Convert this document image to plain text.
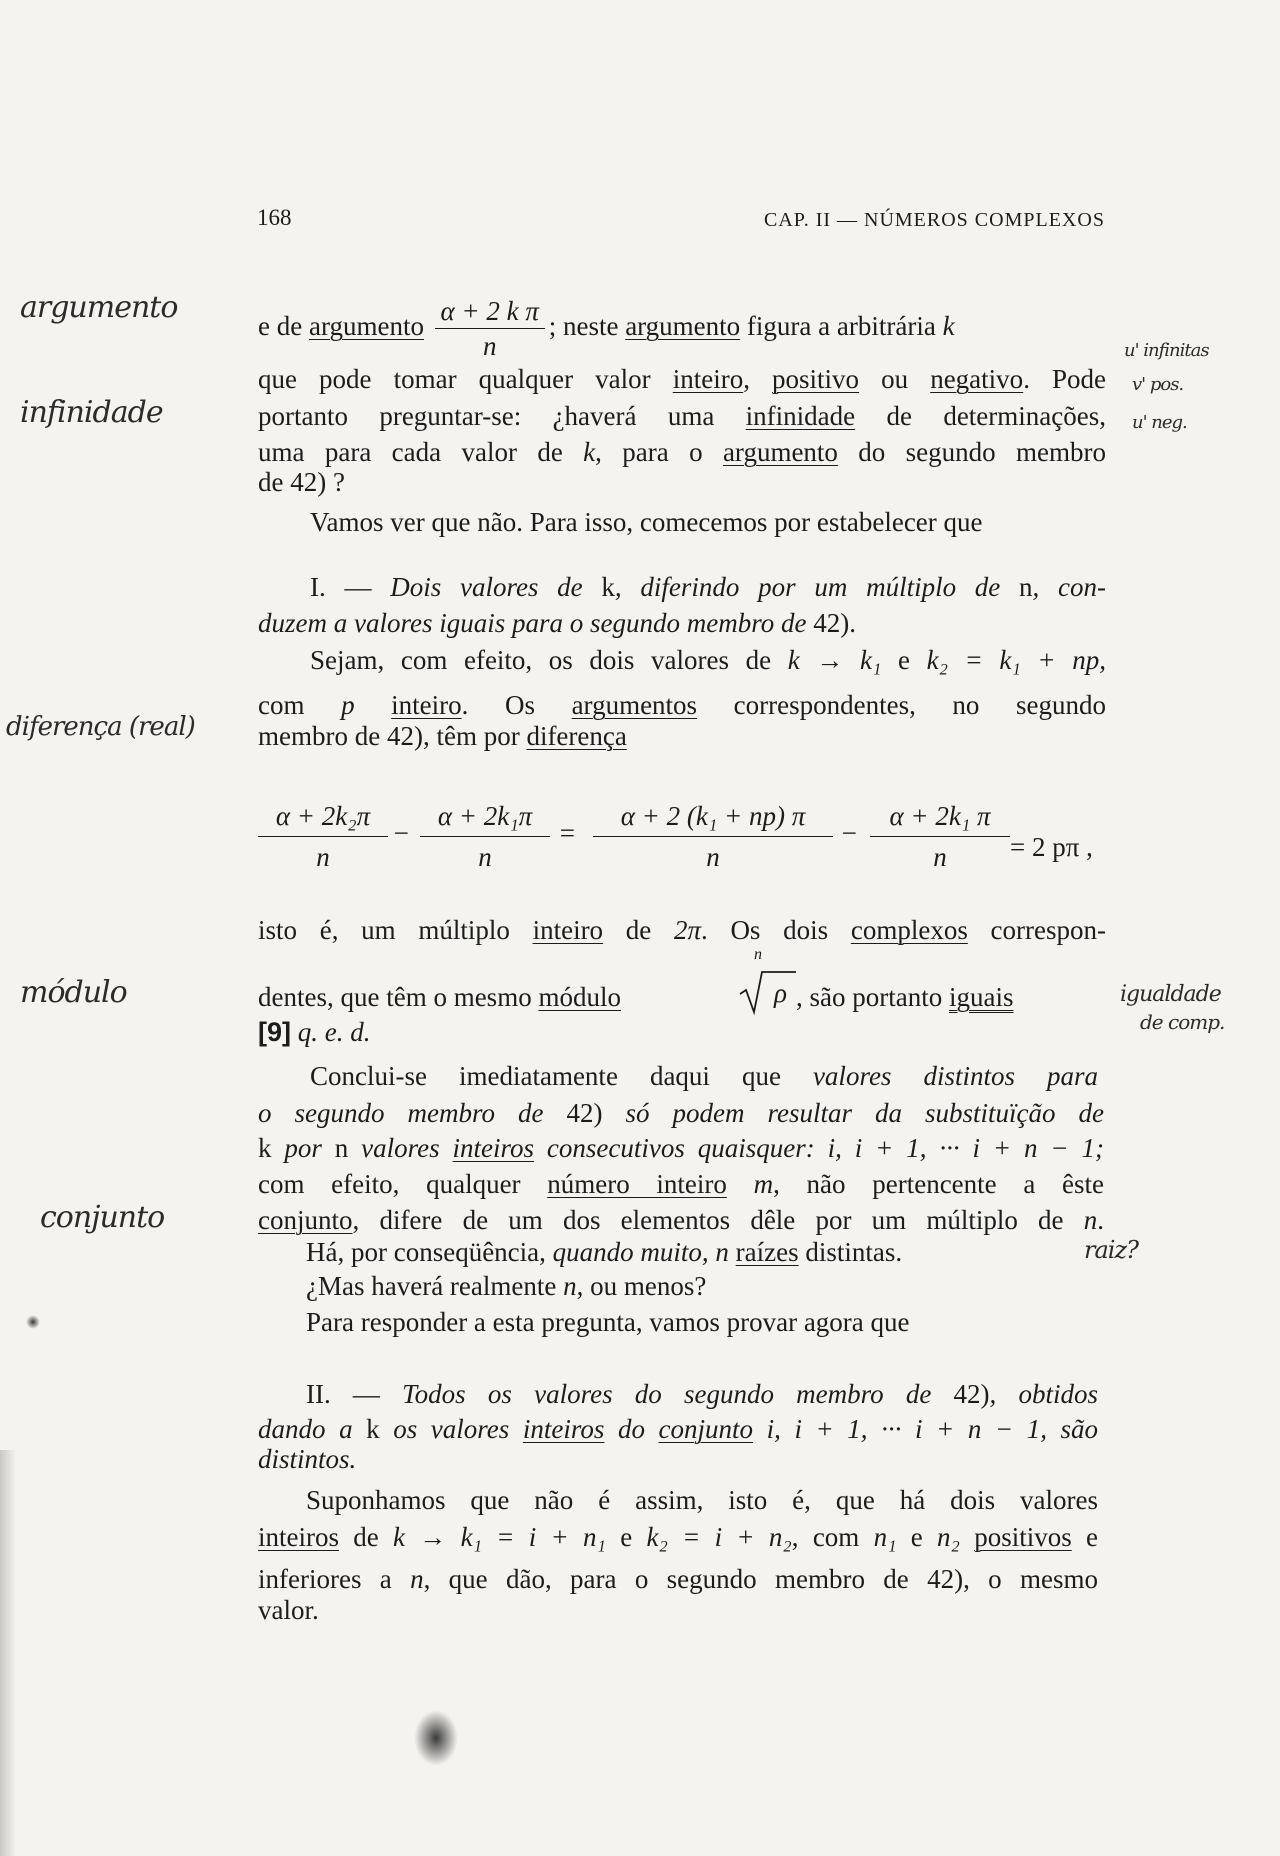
168	CAP. II — NÚMEROS COMPLEXOS
e de argumento $\frac{\text{α + 2 k π}}{n}$ ; neste argumento figura a arbitrária k
que pode tomar qualquer valor inteiro, positivo ou negativo. Pode
portanto preguntar-se: ¿haverá uma infinidade de determinações,
uma para cada valor de k, para o argumento do segundo membro
de 42) ?
Vamos ver que não. Para isso, comecemos por estabelecer que
I. — Dois valores de k, diferindo por um múltiplo de n, con-
duzem a valores iguais para o segundo membro de 42).
Sejam, com efeito, os dois valores de k → k₁ e k₂ = k₁ + np,
com p inteiro. Os argumentos correspondentes, no segundo
membro de 42), têm por diferença
$\frac{\text{α + 2k₂π}}{n} - \frac{\text{α + 2k₁π}}{n} = \frac{\text{α + 2 (k₁ + np) π}}{n} - \frac{\text{α + 2k₁ π}}{n} = 2$ pπ ,
isto é, um múltiplo inteiro de 2π. Os dois complexos correspon-
dentes, que têm o mesmo módulo
n
ρ , são portanto iguais
[9] q. e. d.
Conclui-se imediatamente daqui que valores distintos para
o segundo membro de 42) só podem resultar da substituïção de
k por n valores inteiros consecutivos quaisquer: i, i + 1, ··· i + n − 1;
com efeito, qualquer número inteiro m, não pertencente a êste
conjunto, difere de um dos elementos dêle por um múltiplo de n.
Há, por conseqüência, quando muito, n raízes distintas.
¿Mas haverá realmente n, ou menos?
Para responder a esta pregunta, vamos provar agora que
II. — Todos os valores do segundo membro de 42), obtidos
dando a k os valores inteiros do conjunto i, i + 1, ··· i + n − 1, são
distintos.
Suponhamos que não é assim, isto é, que há dois valores
inteiros de k → k₁ = i + n₁ e k₂ = i + n₂, com n₁ e n₂ positivos e
inferiores a n, que dão, para o segundo membro de 42), o mesmo
valor.
argumento
infinidade
diferença (real)
módulo
conjunto
u' infinitas
v' pos.
u' neg.
igualdade
de comp.
raiz?
